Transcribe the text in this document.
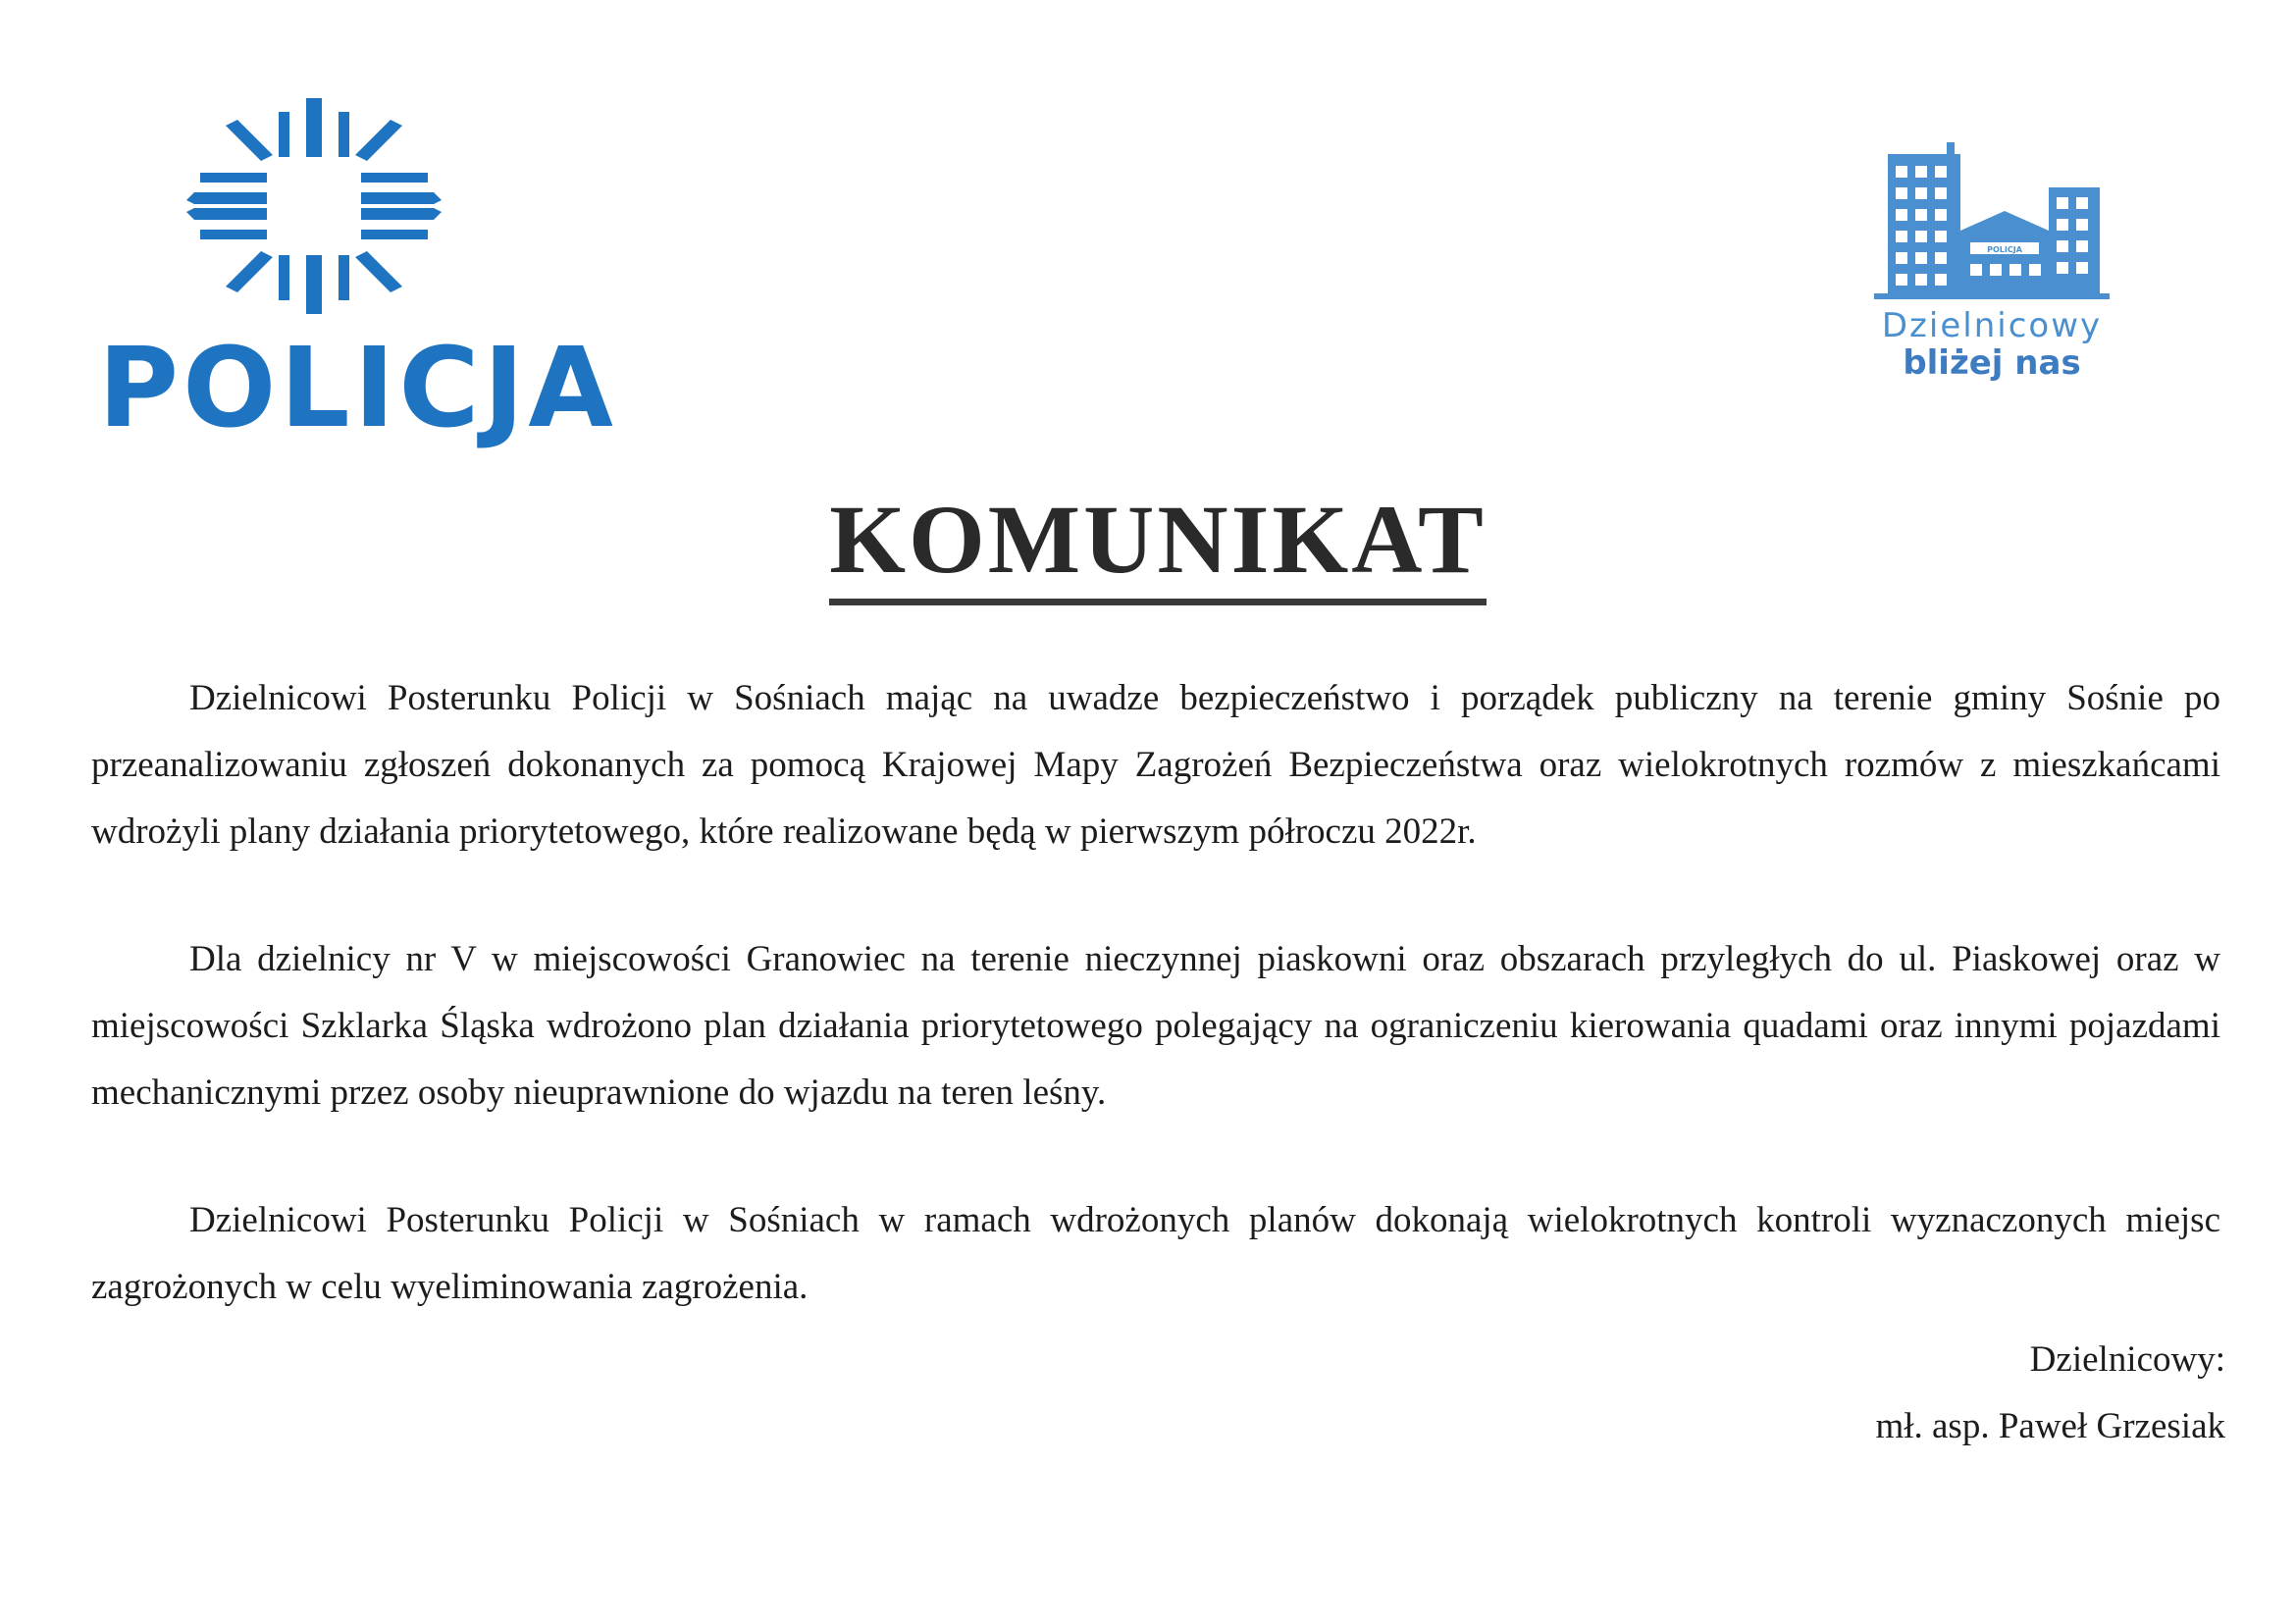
POLICJA
POLICJA
Dzielnicowy
bliżej nas
KOMUNIKAT

Dzielnicowi Posterunku Policji w Sośniach mając na uwadze bezpieczeństwo i porządek publiczny na terenie gminy Sośnie po przeanalizowaniu zgłoszeń dokonanych za pomocą Krajowej Mapy Zagrożeń Bezpieczeństwa oraz wielokrotnych rozmów z mieszkańcami wdrożyli plany działania priorytetowego, które realizowane będą w pierwszym półroczu 2022r.

Dla dzielnicy nr V w miejscowości Granowiec na terenie nieczynnej piaskowni oraz obszarach przyległych do ul. Piaskowej oraz w miejscowości Szklarka Śląska wdrożono plan działania priorytetowego polegający na ograniczeniu kierowania quadami oraz innymi pojazdami mechanicznymi przez osoby nieuprawnione do wjazdu na teren leśny.

Dzielnicowi Posterunku Policji w Sośniach w ramach wdrożonych planów dokonają wielokrotnych kontroli wyznaczonych miejsc zagrożonych w celu wyeliminowania zagrożenia.

Dzielnicowy:
mł. asp. Paweł Grzesiak
